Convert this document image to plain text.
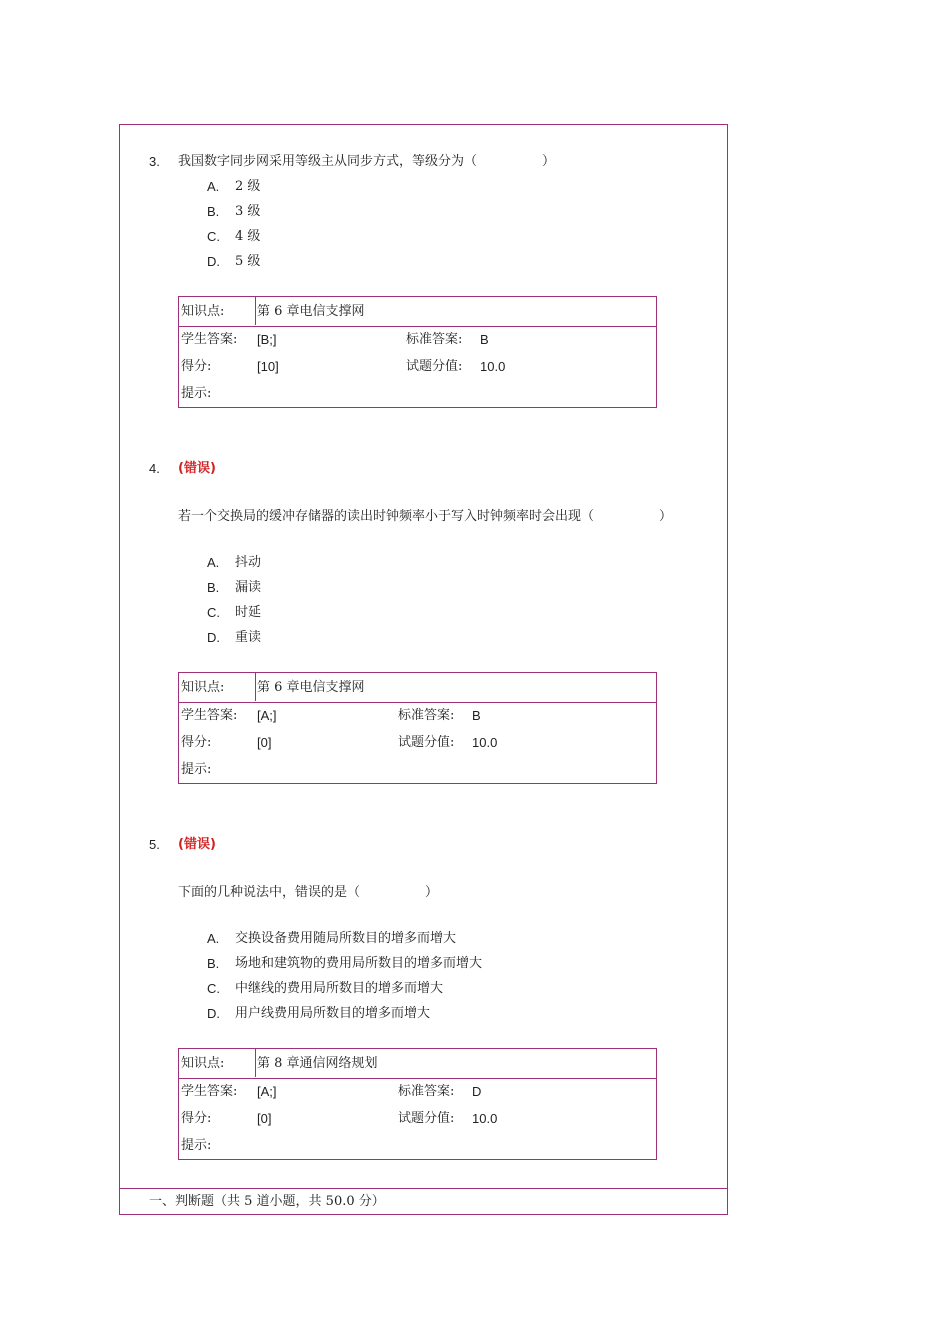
3. 我国数字同步网采用等级主从同步方式，等级分为（　　　　　）
A. 2 级
B. 3 级
C. 4 级
D. 5 级
知识点:	第 6 章电信支撑网
学生答案: [B;]	标准答案: B
得分:	[10]	试题分值: 10.0
提示:
4. (错误)
若一个交换局的缓冲存储器的读出时钟频率小于写入时钟频率时会出现（　　　　　）
A. 抖动
B. 漏读
C. 时延
D. 重读
知识点:	第 6 章电信支撑网
学生答案: [A;]	标准答案: B
得分:	[0]	试题分值: 10.0
提示:
5. (错误)
下面的几种说法中，错误的是（　　　　　）
A. 交换设备费用随局所数目的增多而增大
B. 场地和建筑物的费用局所数目的增多而增大
C. 中继线的费用局所数目的增多而增大
D. 用户线费用局所数目的增多而增大
知识点:	第 8 章通信网络规划
学生答案: [A;]	标准答案: D
得分:	[0]	试题分值: 10.0
提示:
一、判断题（共 5 道小题，共 50.0 分）
